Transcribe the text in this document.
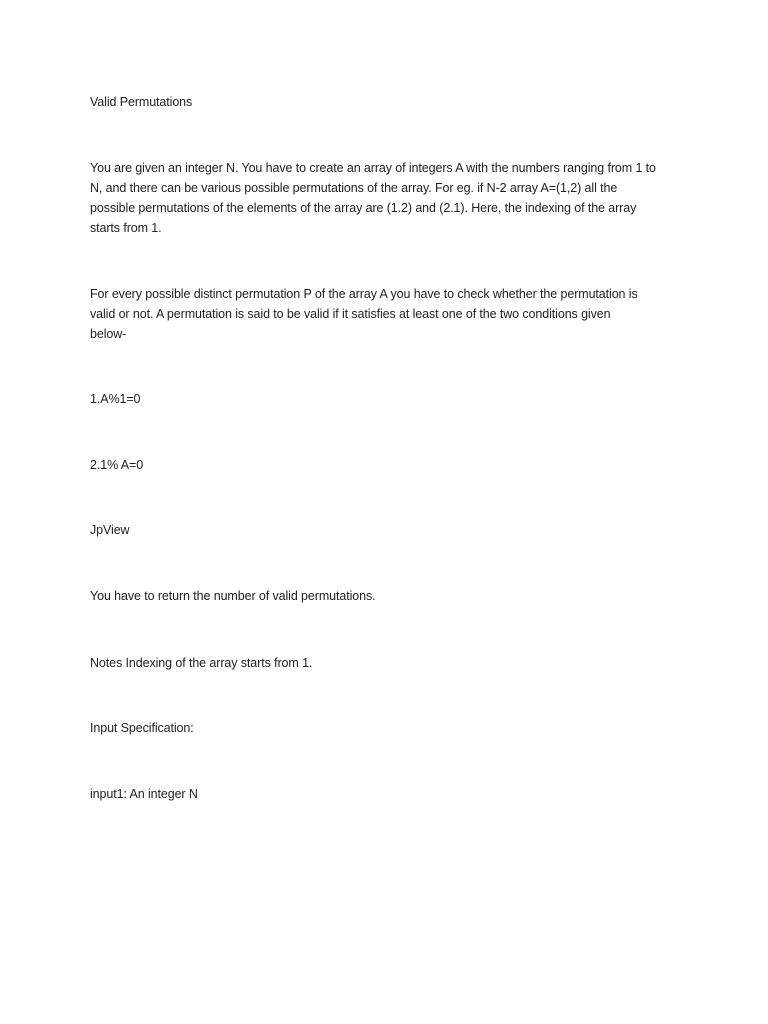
Valid Permutations

You are given an integer N. You have to create an array of integers A with the numbers ranging from 1 to
N, and there can be various possible permutations of the array. For eg. if N-2 array A=(1,2) all the
possible permutations of the elements of the array are (1.2) and (2.1). Here, the indexing of the array
starts from 1.

For every possible distinct permutation P of the array A you have to check whether the permutation is
valid or not. A permutation is said to be valid if it satisfies at least one of the two conditions given
below-

1.A%1=0

2.1% A=0

JpView

You have to return the number of valid permutations.

Notes Indexing of the array starts from 1.

Input Specification:

input1: An integer N
